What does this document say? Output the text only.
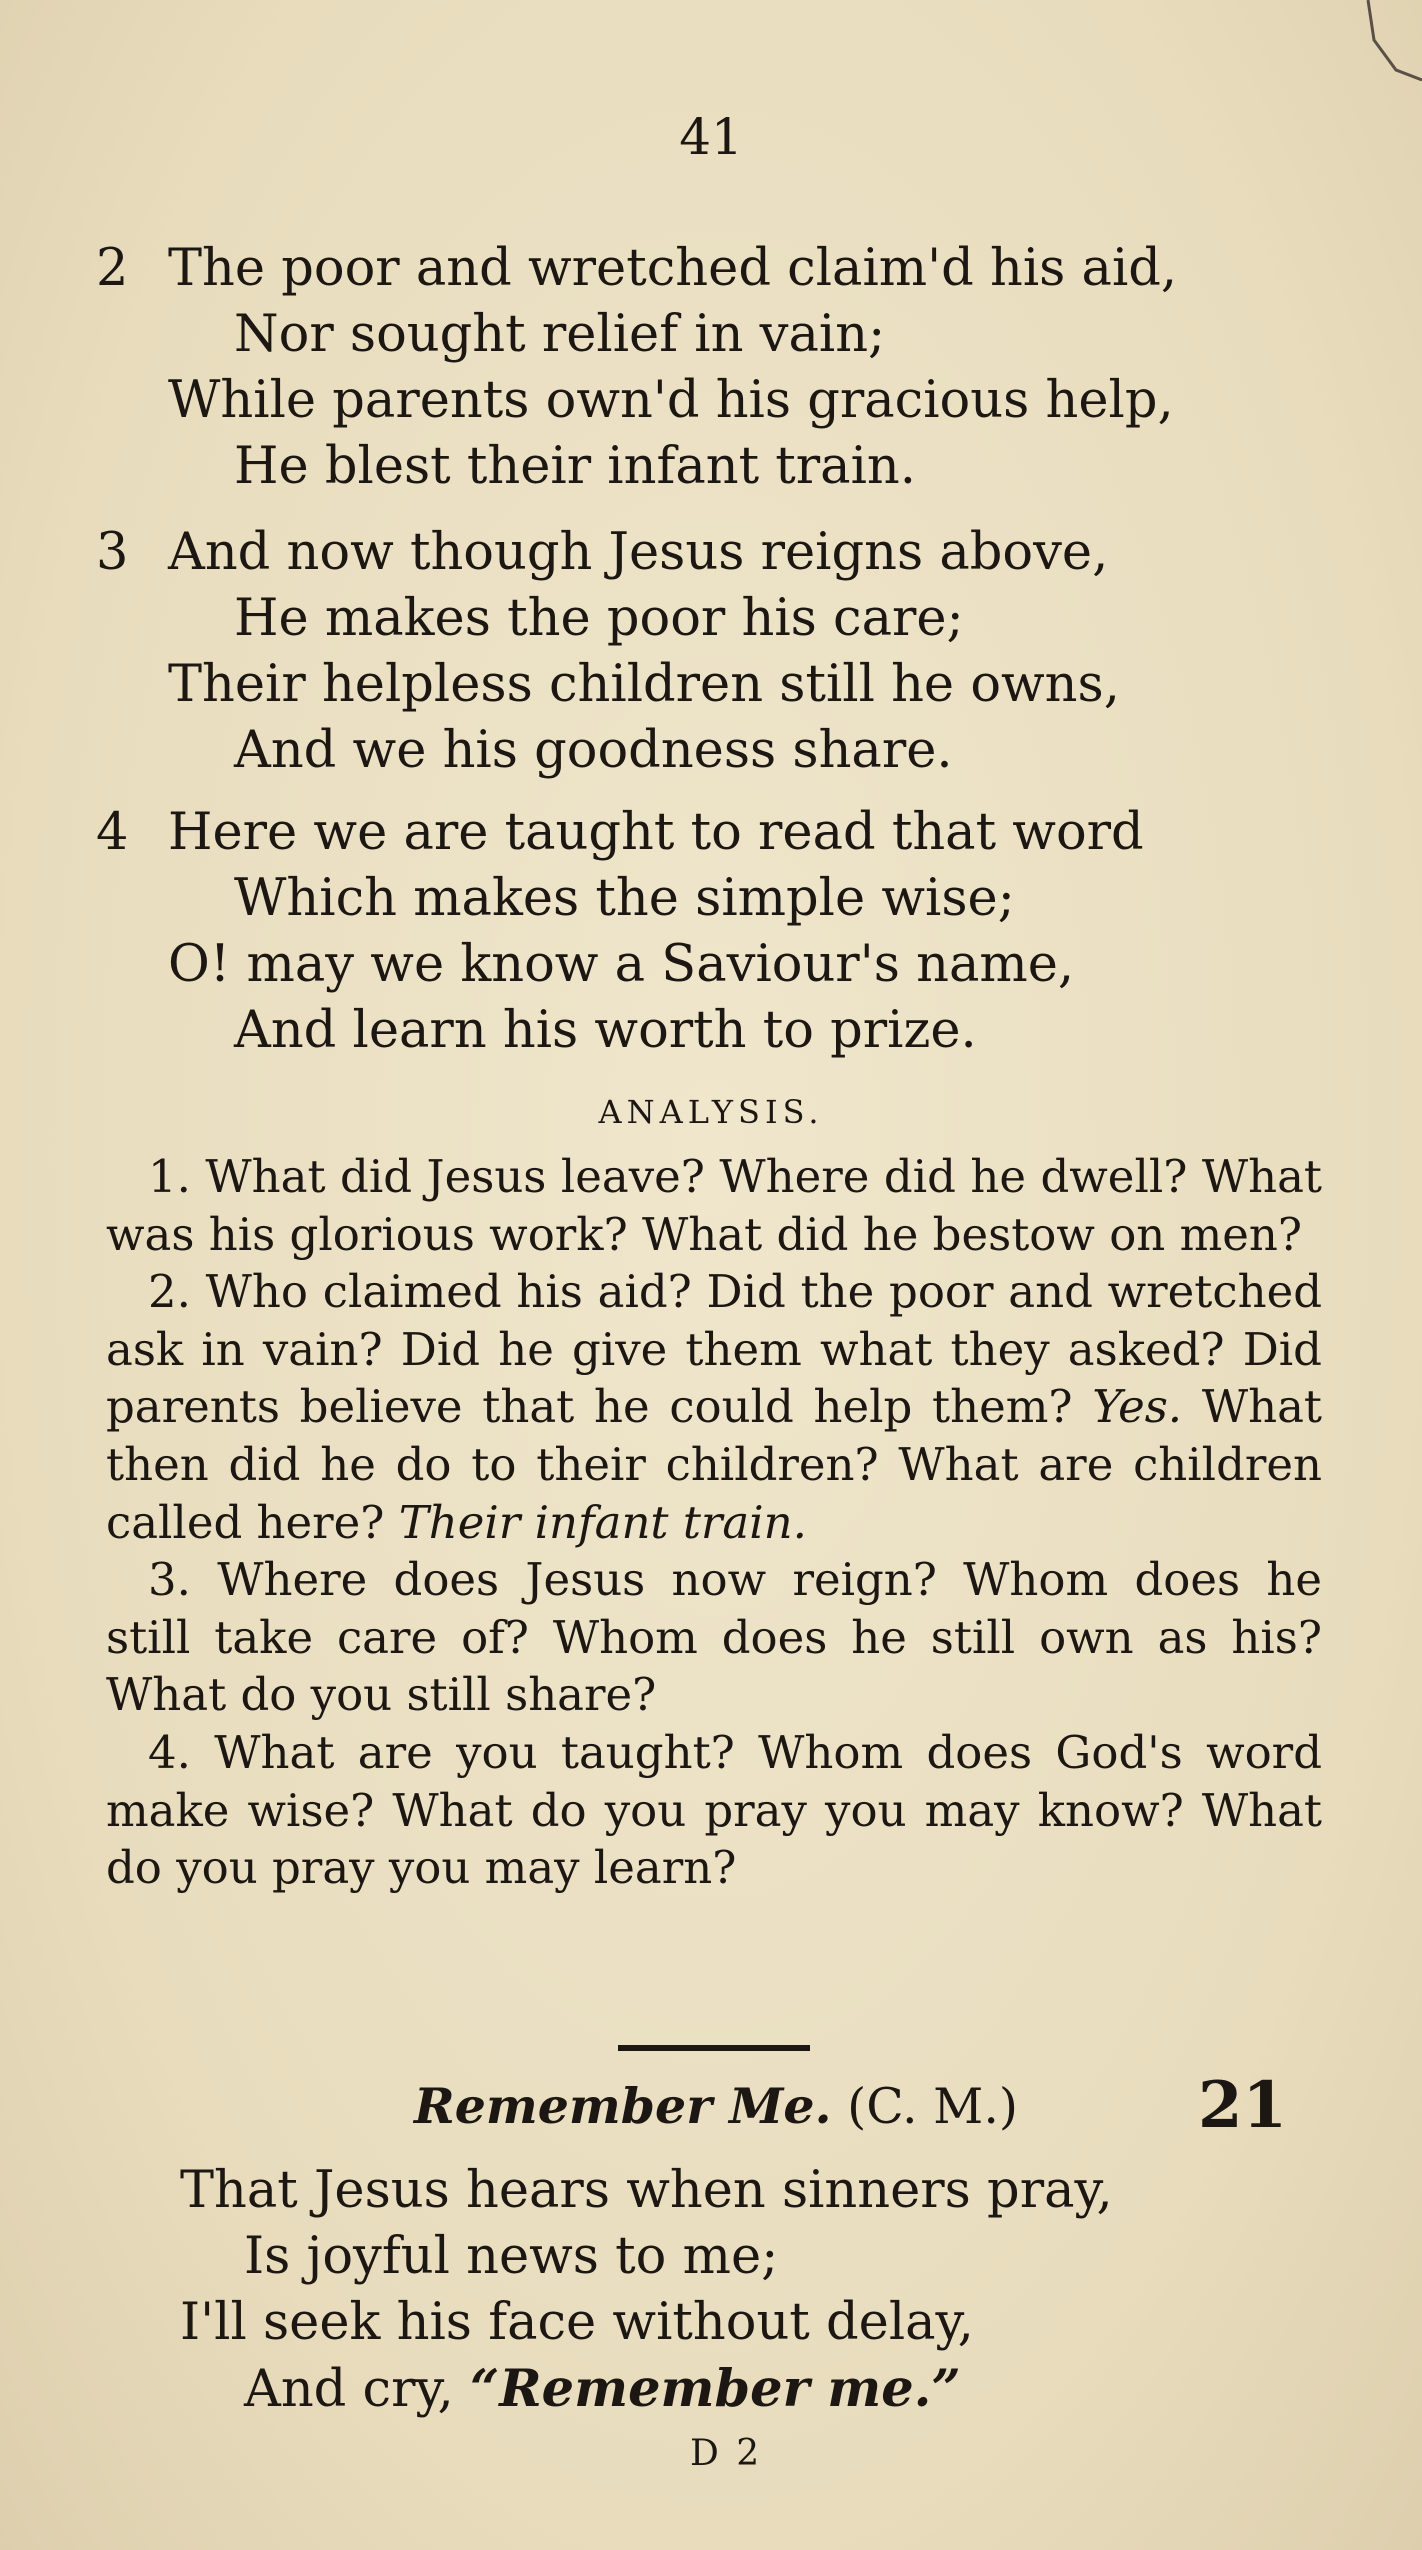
41
2 The poor and wretched claim'd his aid,
Nor sought relief in vain;
While parents own'd his gracious help,
He blest their infant train.
3 And now though Jesus reigns above,
He makes the poor his care;
Their helpless children still he owns,
And we his goodness share.
4 Here we are taught to read that word
Which makes the simple wise;
O! may we know a Saviour's name,
And learn his worth to prize.
ANALYSIS.

1. What did Jesus leave? Where did he dwell? What was his glorious work? What did he bestow on men?

2. Who claimed his aid? Did the poor and wretched ask in vain? Did he give them what they asked? Did parents believe that he could help them? Yes. What then did he do to their children? What are children called here? Their infant train.

3. Where does Jesus now reign? Whom does he still take care of? Whom does he still own as his? What do you still share?

4. What are you taught? Whom does God's word make wise? What do you pray you may know? What do you pray you may learn?

Remember Me. (C. M.)	21
That Jesus hears when sinners pray,
Is joyful news to me;
I'll seek his face without delay,
And cry, “Remember me.”
D 2
